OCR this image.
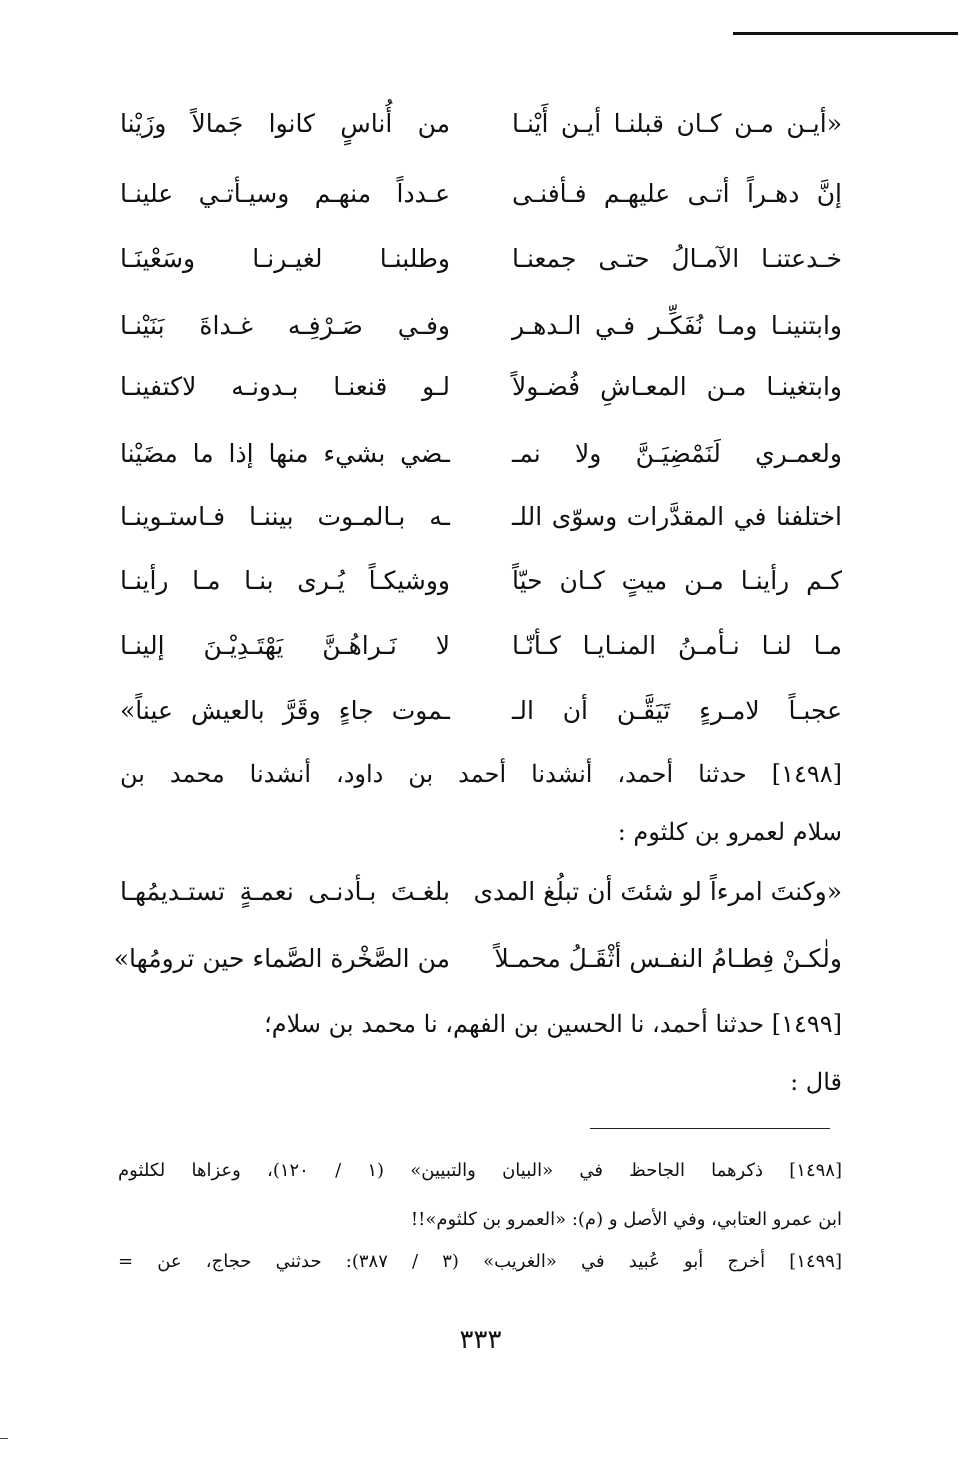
«أيـن مـن كـان قبلنـا أيـن أَيْنـا
من أُناسٍ كانوا جَمالاً وزَيْنا
إنَّ دهـراً أتـى عليهـم فـأفنـى
عـدداً منهـم وسيـأتـي علينـا
خـدعتنـا الآمـالُ حتـى جمعنـا
وطلبنـا لغيـرنـا وسَعْينَـا
وابتنينـا ومـا نُفَكِّـر فـي الـدهـر
وفـي صَـرْفِـه غـداةَ بَنَيْنـا
وابتغينـا مـن المعـاشِ فُضـولاً
لـو قنعنـا بـدونـه لاكتفينـا
ولعمـري لَنَمْضِيَـنَّ ولا نمـ
ـضي بشيء منها إذا ما مضَيْنا
اختلفنا في المقدَّرات وسوّى اللـ
ـه بـالمـوت بيننـا فـاستـوينـا
كـم رأينـا مـن ميتٍ كـان حيّاً
ووشيكـاً يُـرى بنـا مـا رأينـا
مـا لنـا نـأمـنُ المنـايـا كـأنّـا
لا نَـراهُـنَّ يَهْتَـدِيْـنَ إلينـا
عجبـاً لامـرءٍ تَيَقَّـن أن الـ
ـموت جاءٍ وقَرَّ بالعيش عيناً»
[١٤٩٨] حدثنا أحمد، أنشدنا أحمد بن داود، أنشدنا محمد بن
سلام لعمرو بن كلثوم :
«وكنتَ امرءاً لو شئتَ أن تبلُغ المدى
بلغـتَ بـأدنـى نعمـةٍ تستـديمُهـا
ولٰكـنْ فِطـامُ النفـس أثْقَـلُ محمـلاً
من الصَّخْرة الصَّماء حين ترومُها»
[١٤٩٩] حدثنا أحمد، نا الحسين بن الفهم، نا محمد بن سلام؛
قال :
[١٤٩٨] ذكرهما الجاحظ في «البيان والتبيين» (١ / ١٢٠)، وعزاها لكلثوم
ابن عمرو العتابي، وفي الأصل و (م): «العمرو بن كلثوم»!!
[١٤٩٩] أخرج أبو عُبيد في «الغريب» (٣ / ٣٨٧): حدثني حجاج، عن =
٣٣٣
